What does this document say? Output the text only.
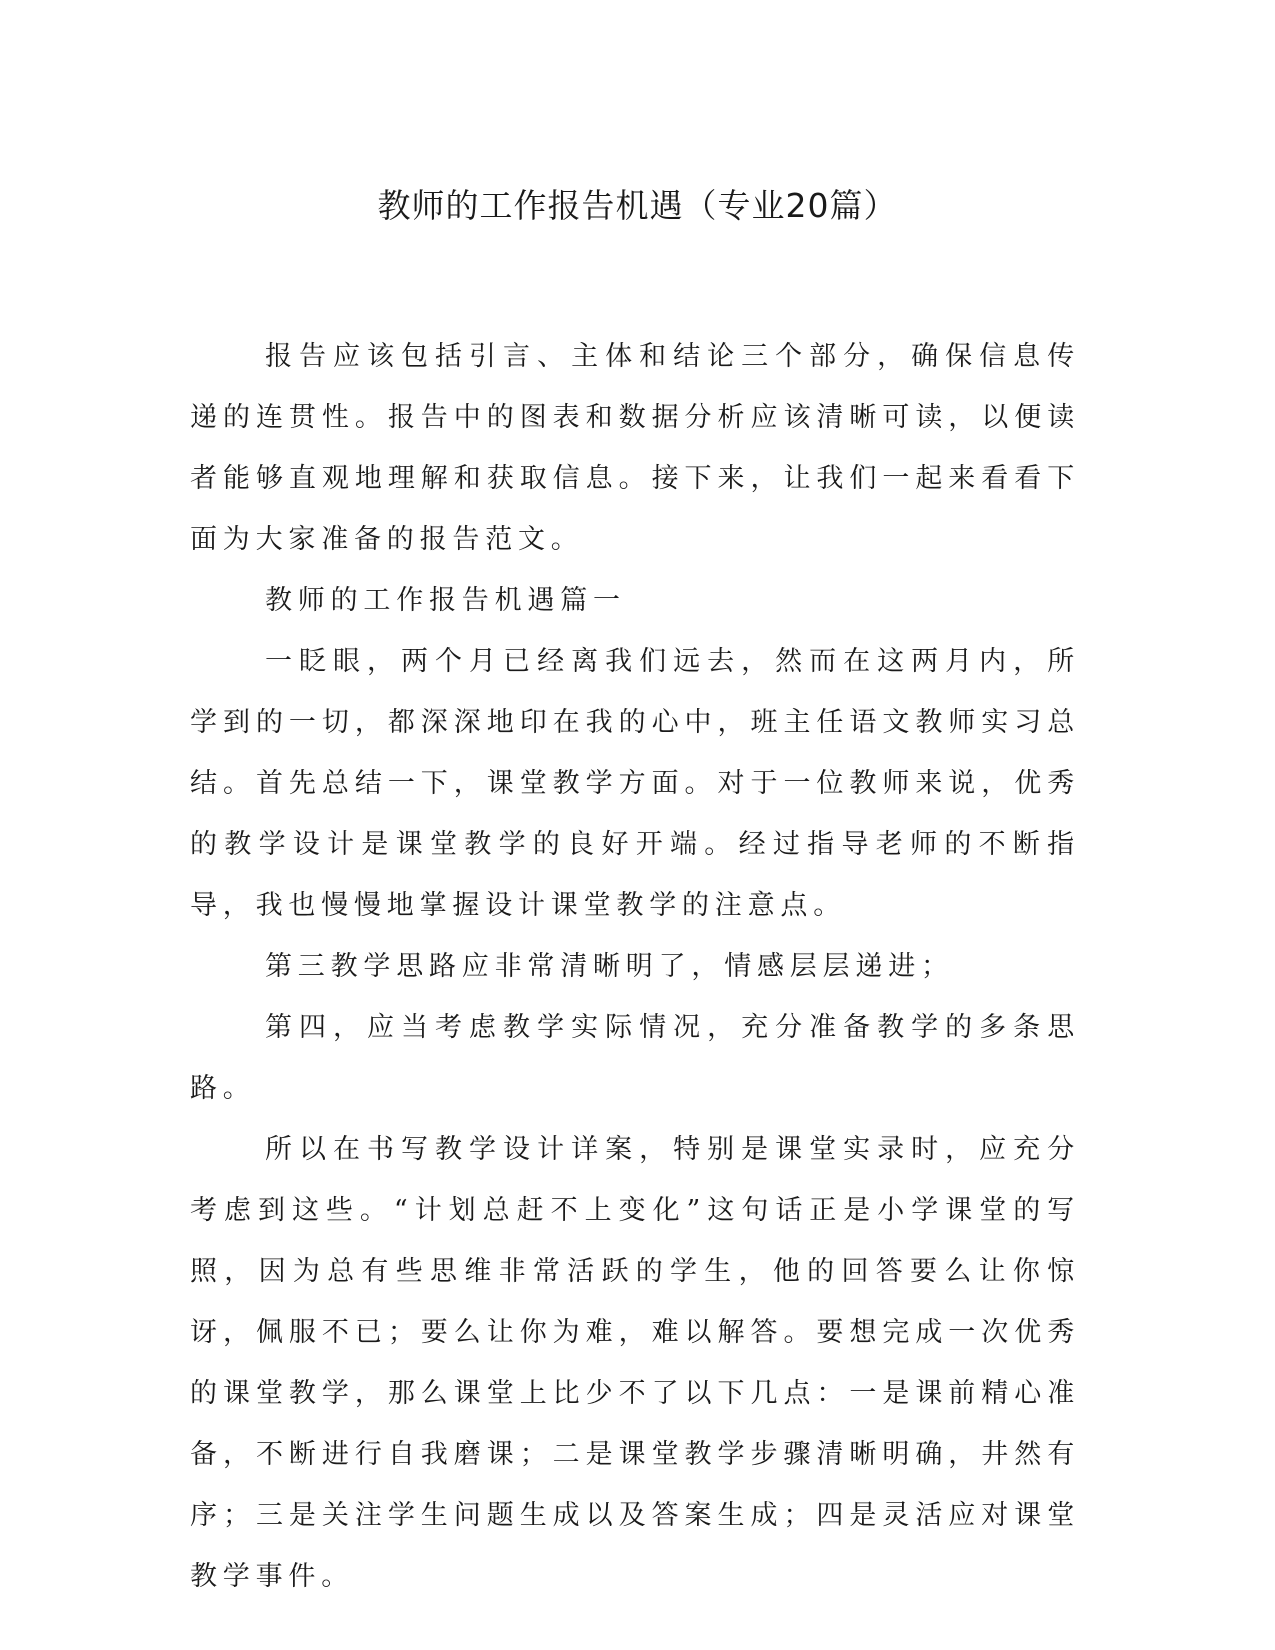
教师的工作报告机遇（专业20篇）

报告应该包括引言、主体和结论三个部分，确保信息传递的连贯性。报告中的图表和数据分析应该清晰可读，以便读者能够直观地理解和获取信息。接下来，让我们一起来看看下面为大家准备的报告范文。

教师的工作报告机遇篇一

一眨眼，两个月已经离我们远去，然而在这两月内，所学到的一切，都深深地印在我的心中，班主任语文教师实习总结。首先总结一下，课堂教学方面。对于一位教师来说，优秀的教学设计是课堂教学的良好开端。经过指导老师的不断指导，我也慢慢地掌握设计课堂教学的注意点。

第三教学思路应非常清晰明了，情感层层递进；

第四，应当考虑教学实际情况，充分准备教学的多条思路。

所以在书写教学设计详案，特别是课堂实录时，应充分考虑到这些。“计划总赶不上变化”这句话正是小学课堂的写照，因为总有些思维非常活跃的学生，他的回答要么让你惊讶，佩服不已；要么让你为难，难以解答。要想完成一次优秀的课堂教学，那么课堂上比少不了以下几点：一是课前精心准备，不断进行自我磨课；二是课堂教学步骤清晰明确，井然有序；三是关注学生问题生成以及答案生成；四是灵活应对课堂教学事件。
